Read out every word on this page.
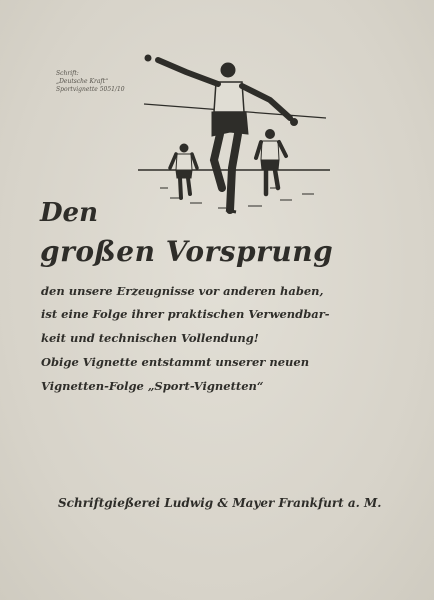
Schrift:
„Deutsche Kraft“
Sportvignette 5051/10
Den
großen Vorsprung
den unsere Erzeugnisse vor anderen haben,
ist eine Folge ihrer praktischen Verwendbar-
keit und technischen Vollendung!
Obige Vignette entstammt unserer neuen
Vignetten-Folge „Sport-Vignetten“
Schriftgießerei Ludwig & Mayer Frankfurt a. M.
